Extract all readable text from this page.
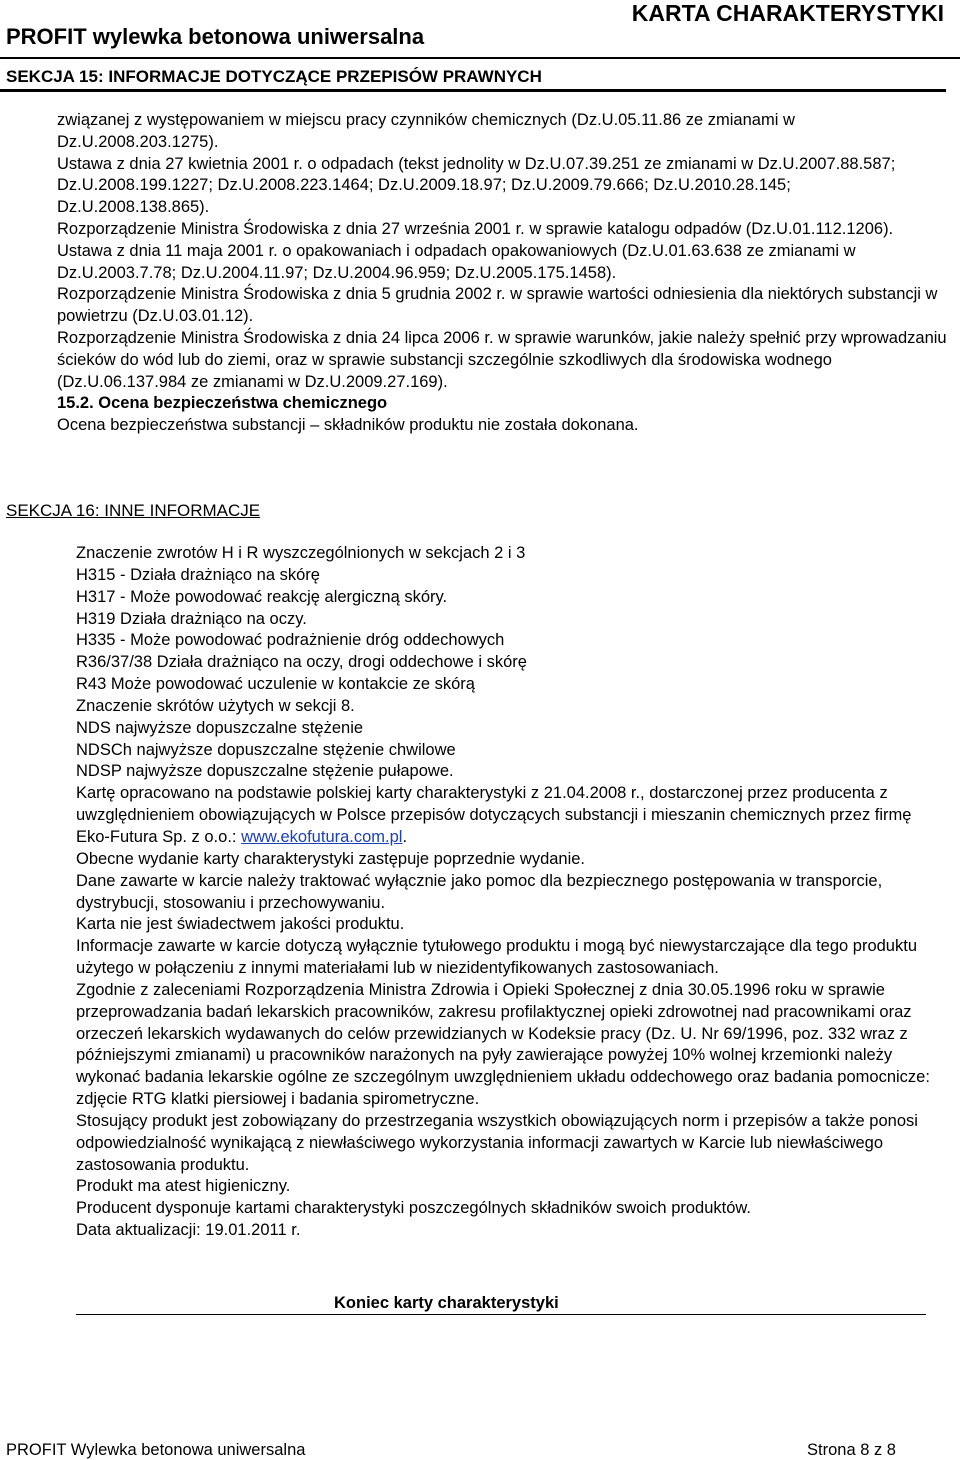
KARTA CHARAKTERYSTYKI
PROFIT wylewka betonowa uniwersalna
SEKCJA 15: INFORMACJE DOTYCZĄCE PRZEPISÓW PRAWNYCH

związanej z występowaniem w miejscu pracy czynników chemicznych (Dz.U.05.11.86 ze zmianami w Dz.U.2008.203.1275).

Ustawa z dnia 27 kwietnia 2001 r. o odpadach (tekst jednolity w Dz.U.07.39.251 ze zmianami w Dz.U.2007.88.587; Dz.U.2008.199.1227; Dz.U.2008.223.1464; Dz.U.2009.18.97; Dz.U.2009.79.666; Dz.U.2010.28.145; Dz.U.2008.138.865).

Rozporządzenie Ministra Środowiska z dnia 27 września 2001 r. w sprawie katalogu odpadów (Dz.U.01.112.1206).

Ustawa z dnia 11 maja 2001 r. o opakowaniach i odpadach opakowaniowych (Dz.U.01.63.638 ze zmianami w Dz.U.2003.7.78; Dz.U.2004.11.97; Dz.U.2004.96.959; Dz.U.2005.175.1458).

Rozporządzenie Ministra Środowiska z dnia 5 grudnia 2002 r. w sprawie wartości odniesienia dla niektórych substancji w powietrzu (Dz.U.03.01.12).

Rozporządzenie Ministra Środowiska z dnia 24 lipca 2006 r. w sprawie warunków, jakie należy spełnić przy wprowadzaniu ścieków do wód lub do ziemi, oraz w sprawie substancji szczególnie szkodliwych dla środowiska wodnego (Dz.U.06.137.984 ze zmianami w Dz.U.2009.27.169).

15.2. Ocena bezpieczeństwa chemicznego

Ocena bezpieczeństwa substancji – składników produktu nie została dokonana.

SEKCJA 16: INNE INFORMACJE

Znaczenie zwrotów H i R wyszczególnionych w sekcjach 2 i 3

H315 - Działa drażniąco na skórę

H317 - Może powodować reakcję alergiczną skóry.

H319 Działa drażniąco na oczy.

H335 - Może powodować podrażnienie dróg oddechowych

R36/37/38 Działa drażniąco na oczy, drogi oddechowe i skórę

R43 Może powodować uczulenie w kontakcie ze skórą

Znaczenie skrótów użytych w sekcji 8.

NDS najwyższe dopuszczalne stężenie

NDSCh najwyższe dopuszczalne stężenie chwilowe

NDSP najwyższe dopuszczalne stężenie pułapowe.

Kartę opracowano na podstawie polskiej karty charakterystyki z 21.04.2008 r., dostarczonej przez producenta z uwzględnieniem obowiązujących w Polsce przepisów dotyczących substancji i mieszanin chemicznych przez firmę Eko-Futura Sp. z o.o.: www.ekofutura.com.pl.

Obecne wydanie karty charakterystyki zastępuje poprzednie wydanie.

Dane zawarte w karcie należy traktować wyłącznie jako pomoc dla bezpiecznego postępowania w transporcie, dystrybucji, stosowaniu i przechowywaniu.

Karta nie jest świadectwem jakości produktu.

Informacje zawarte w karcie dotyczą wyłącznie tytułowego produktu i mogą być niewystarczające dla tego produktu użytego w połączeniu z innymi materiałami lub w niezidentyfikowanych zastosowaniach.

Zgodnie z zaleceniami Rozporządzenia Ministra Zdrowia i Opieki Społecznej z dnia 30.05.1996 roku w sprawie przeprowadzania badań lekarskich pracowników, zakresu profilaktycznej opieki zdrowotnej nad pracownikami oraz orzeczeń lekarskich wydawanych do celów przewidzianych w Kodeksie pracy (Dz. U. Nr 69/1996, poz. 332 wraz z późniejszymi zmianami) u pracowników narażonych na pyły zawierające powyżej 10% wolnej krzemionki należy wykonać badania lekarskie ogólne ze szczególnym uwzględnieniem układu oddechowego oraz badania pomocnicze: zdjęcie RTG klatki piersiowej i badania spirometryczne.

Stosujący produkt jest zobowiązany do przestrzegania wszystkich obowiązujących norm i przepisów a także ponosi odpowiedzialność wynikającą z niewłaściwego wykorzystania informacji zawartych w Karcie lub niewłaściwego zastosowania produktu.

Produkt ma atest higieniczny.

Producent dysponuje kartami charakterystyki poszczególnych składników swoich produktów.

Data aktualizacji: 19.01.2011 r.

Koniec karty charakterystyki
PROFIT Wylewka betonowa uniwersalna	Strona 8 z 8
